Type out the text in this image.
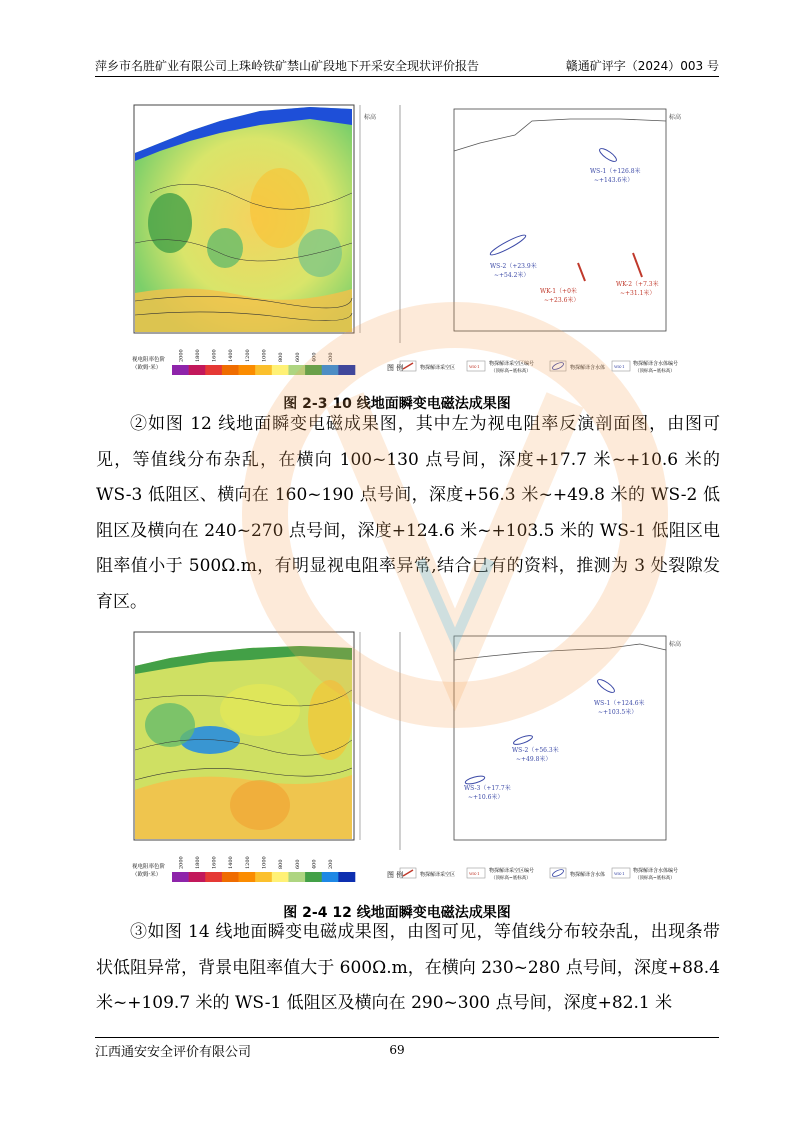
萍乡市名胜矿业有限公司上珠岭铁矿禁山矿段地下开采安全现状评价报告	赣通矿评字（2024）003 号
标高
WS-1（+126.8米
~+143.6米）
WS-2（+23.9米
~+54.2米）
WK-1（+0米
~+23.6米）
WK-2（+7.3米
~+31.1米）
标高
视电阻率色阶
（欧姆·米）
2000 1800 1600 1400 1200 1000 800 600 400 200
图 例	物探解译采空区	WK-1 物探解译采空区编号
（顶标高~底标高）
物探解译含水体 WK-1 物探解译含水体编号
（顶标高~底标高）
图 2-3 10 线地面瞬变电磁法成果图

②如图 12 线地面瞬变电磁成果图，其中左为视电阻率反演剖面图，由图可见，等值线分布杂乱，在横向 100~130 点号间，深度+17.7 米~+10.6 米的 WS-3 低阻区、横向在 160~190 点号间，深度+56.3 米~+49.8 米的 WS-2 低阻区及横向在 240~270 点号间，深度+124.6 米~+103.5 米的 WS-1 低阻区电阻率值小于 500Ω.m，有明显视电阻率异常,结合已有的资料，推测为 3 处裂隙发育区。

WS-1（+124.6米
~+103.5米）
WS-2（+56.3米
~+49.8米）
WS-3（+17.7米
~+10.6米）
标高
视电阻率色阶
（欧姆·米）
2000 1800 1600 1400 1200 1000 800 600 400 200
图 例	物探解译采空区	WK-1 物探解译采空区编号
（顶标高~底标高）
物探解译含水体 WK-1 物探解译含水体编号
（顶标高~底标高）
图 2-4 12 线地面瞬变电磁法成果图

③如图 14 线地面瞬变电磁成果图，由图可见，等值线分布较杂乱，出现条带状低阻异常，背景电阻率值大于 600Ω.m，在横向 230~280 点号间，深度+88.4 米~+109.7 米的 WS-1 低阻区及横向在 290~300 点号间，深度+82.1 米

江西通安安全评价有限公司	69
